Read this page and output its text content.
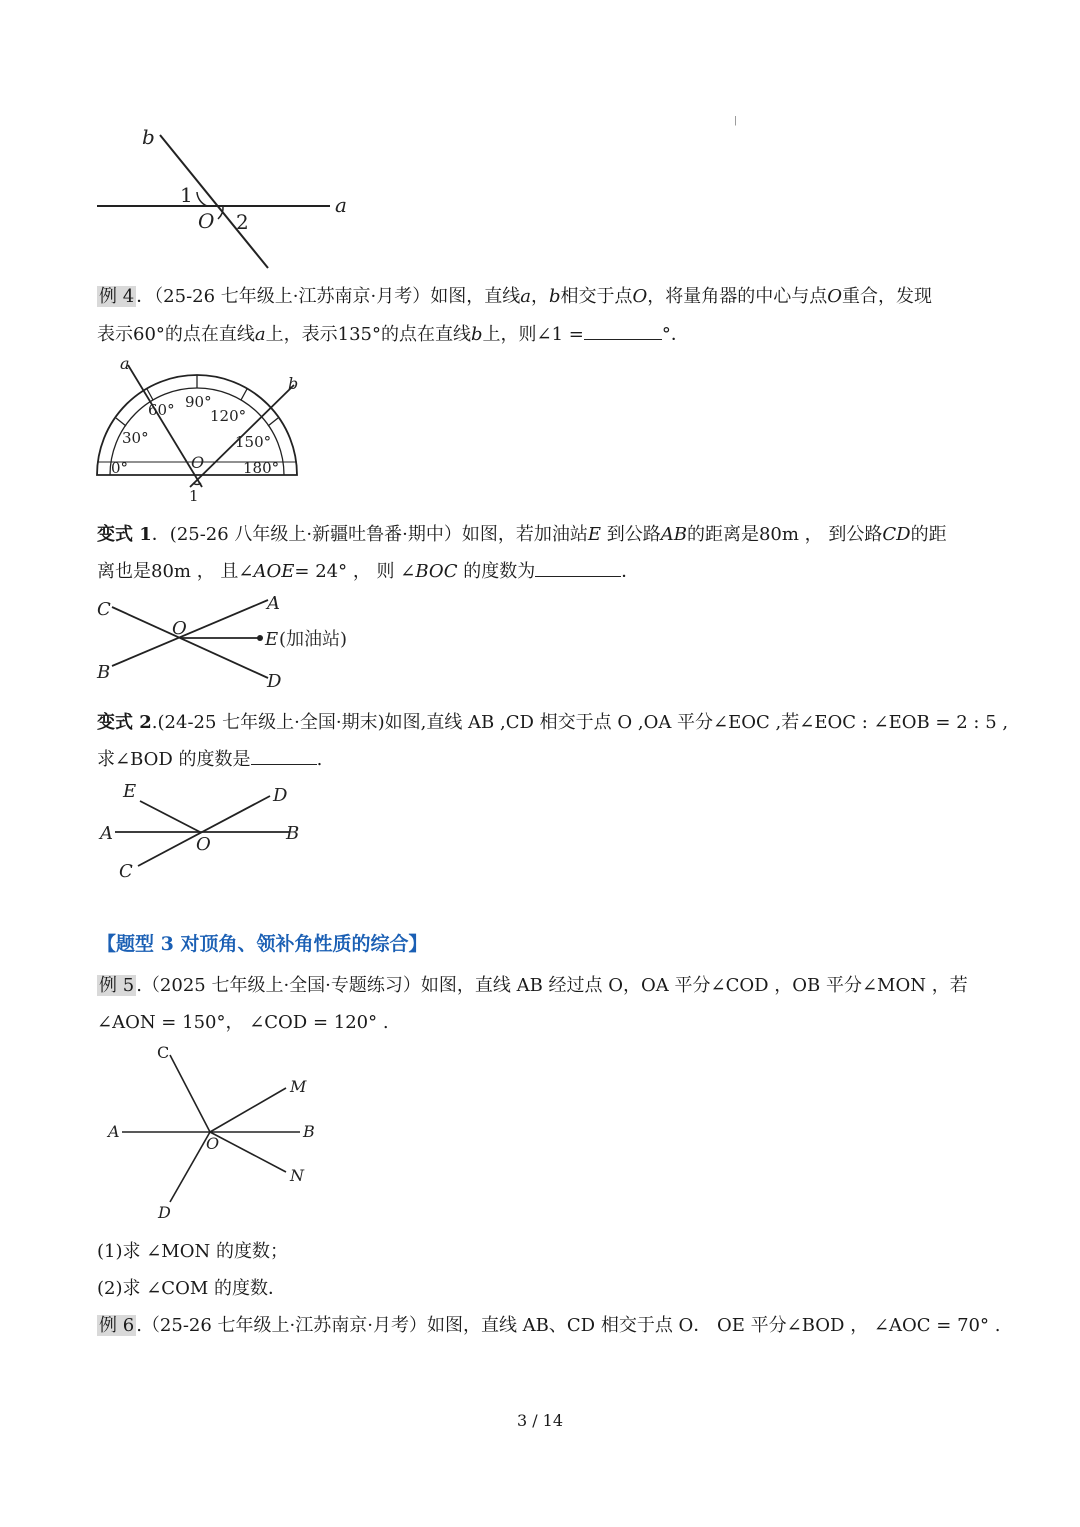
|
b
a
1
O 2
例 4 ．（25-26 七年级上·江苏南京·月考）如图，直线a，b相交于点O，将量角器的中心与点O重合，发现
表示60°的点在直线a上，表示135°的点在直线b上，则∠1 =	°．
a
b
60° 90°
120°
30°	150°
0°	180°
O
1
变式 1．(25-26 八年级上·新疆吐鲁番·期中）如图，若加油站E 到公路AB的距离是80m ， 到公路CD的距
离也是80m ， 且∠AOE= 24° ， 则 ∠BOC 的度数为	．
C	A
O
E (加油站)
B	D
变式 2.(24-25 七年级上·全国·期末)如图,直线 AB ,CD 相交于点 O ,OA 平分∠EOC ,若∠EOC : ∠EOB = 2 : 5 ,
求∠BOD 的度数是	.
E	D
A	B
O
C
【题型 3 对顶角、领补角性质的综合】
例 5 .（2025 七年级上·全国·专题练习）如图，直线 AB 经过点 O，OA 平分∠COD ，OB 平分∠MON ，若
∠AON = 150°， ∠COD = 120° .
C
M
A	B
O
N
D
(1)求 ∠MON 的度数；
(2)求 ∠COM 的度数．
例 6 .（25-26 七年级上·江苏南京·月考）如图，直线 AB、CD 相交于点 O． OE 平分∠BOD ， ∠AOC = 70° .
3 / 14
